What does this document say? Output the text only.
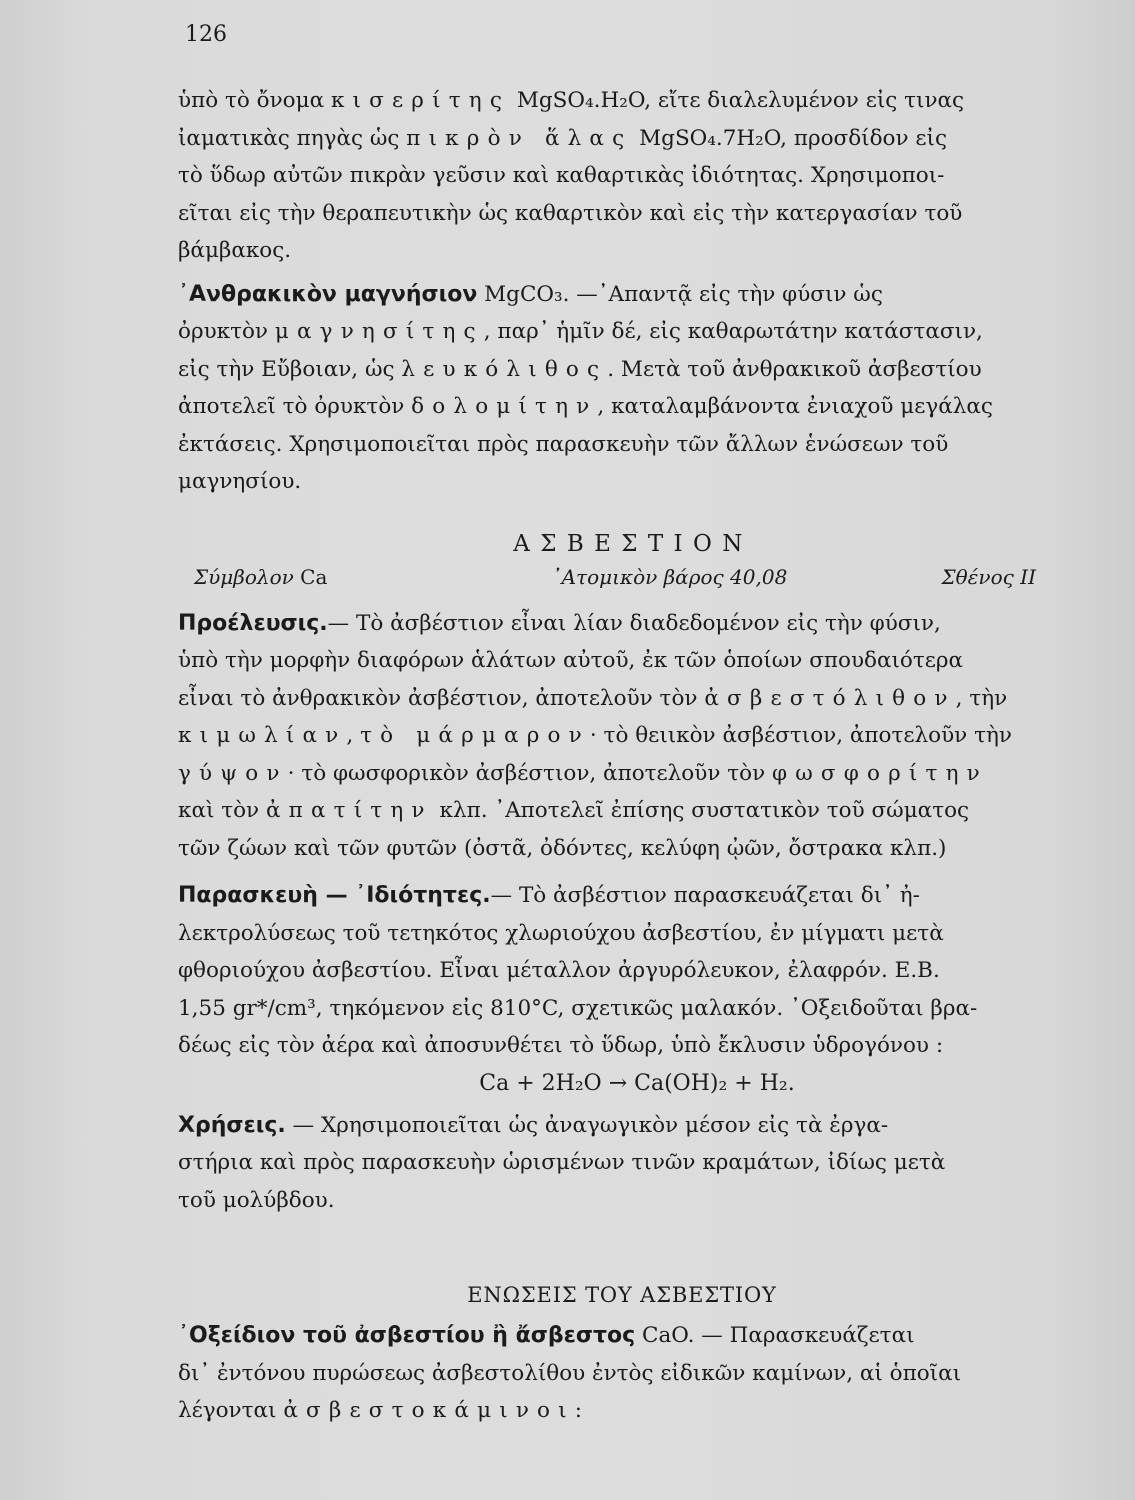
126

ὑπὸ τὸ ὄνομα κισερίτης MgSO₄.H₂O, εἴτε διαλελυμένον εἰς τινας

ἰαματικὰς πηγὰς ὡς πικρὸν ἅλας MgSO₄.7H₂O, προσδίδον εἰς

τὸ ὕδωρ αὐτῶν πικρὰν γεῦσιν καὶ καθαρτικὰς ἰδιότητας. Χρησιμοποι-

εῖται εἰς τὴν θεραπευτικὴν ὡς καθαρτικὸν καὶ εἰς τὴν κατεργασίαν τοῦ

βάμβακος.

᾿Ανθρακικὸν μαγνήσιον MgCO₃. —᾿Απαντᾷ εἰς τὴν φύσιν ὡς

ὀρυκτὸν μαγνησίτης, παρ᾿ ἡμῖν δέ, εἰς καθαρωτάτην κατάστασιν,

εἰς τὴν Εὔβοιαν, ὡς λευκόλιθος. Μετὰ τοῦ ἀνθρακικοῦ ἀσβεστίου

ἀποτελεῖ τὸ ὀρυκτὸν δολομίτην, καταλαμβάνοντα ἐνιαχοῦ μεγάλας

ἐκτάσεις. Χρησιμοποιεῖται πρὸς παρασκευὴν τῶν ἄλλων ἑνώσεων τοῦ

μαγνησίου.

ΑΣΒΕΣΤΙΟΝ
Σύμβολον Ca	᾿Ατομικὸν βάρος 40,08	Σθένος II

Προέλευσις.— Τὸ ἀσβέστιον εἶναι λίαν διαδεδομένον εἰς τὴν φύσιν,

ὑπὸ τὴν μορφὴν διαφόρων ἁλάτων αὐτοῦ, ἐκ τῶν ὁποίων σπουδαιότερα

εἶναι τὸ ἀνθρακικὸν ἀσβέστιον, ἀποτελοῦν τὸν ἀσβεστόλιθον, τὴν

κιμωλίαν, τὸ μάρμαρον· τὸ θειικὸν ἀσβέστιον, ἀποτελοῦν τὴν

γύψον· τὸ φωσφορικὸν ἀσβέστιον, ἀποτελοῦν τὸν φωσφορίτην

καὶ τὸν ἀπατίτην κλπ. ᾿Αποτελεῖ ἐπίσης συστατικὸν τοῦ σώματος

τῶν ζώων καὶ τῶν φυτῶν (ὀστᾶ, ὀδόντες, κελύφη ᾠῶν, ὄστρακα κλπ.)

Παρασκευὴ — ᾿Ιδιότητες.— Τὸ ἀσβέστιον παρασκευάζεται δι᾿ ἠ-

λεκτρολύσεως τοῦ τετηκότος χλωριούχου ἀσβεστίου, ἐν μίγματι μετὰ

φθοριούχου ἀσβεστίου. Εἶναι μέταλλον ἀργυρόλευκον, ἐλαφρόν. Ε.Β.

1,55 gr*/cm³, τηκόμενον εἰς 810°C, σχετικῶς μαλακόν. ᾿Οξειδοῦται βρα-

δέως εἰς τὸν ἀέρα καὶ ἀποσυνθέτει τὸ ὕδωρ, ὑπὸ ἔκλυσιν ὑδρογόνου :

Ca + 2H₂O → Ca(OH)₂ + H₂.

Χρήσεις. — Χρησιμοποιεῖται ὡς ἀναγωγικὸν μέσον εἰς τὰ ἐργα-

στήρια καὶ πρὸς παρασκευὴν ὡρισμένων τινῶν κραμάτων, ἰδίως μετὰ

τοῦ μολύβδου.

ΕΝΩΣΕΙΣ ΤΟΥ ΑΣΒΕΣΤΙΟΥ

᾿Οξείδιον τοῦ ἀσβεστίου ἢ ἄσβεστος CaO. — Παρασκευάζεται

δι᾿ ἐντόνου πυρώσεως ἀσβεστολίθου ἐντὸς εἰδικῶν καμίνων, αἱ ὁποῖαι

λέγονται ἀσβεστοκάμινοι:
